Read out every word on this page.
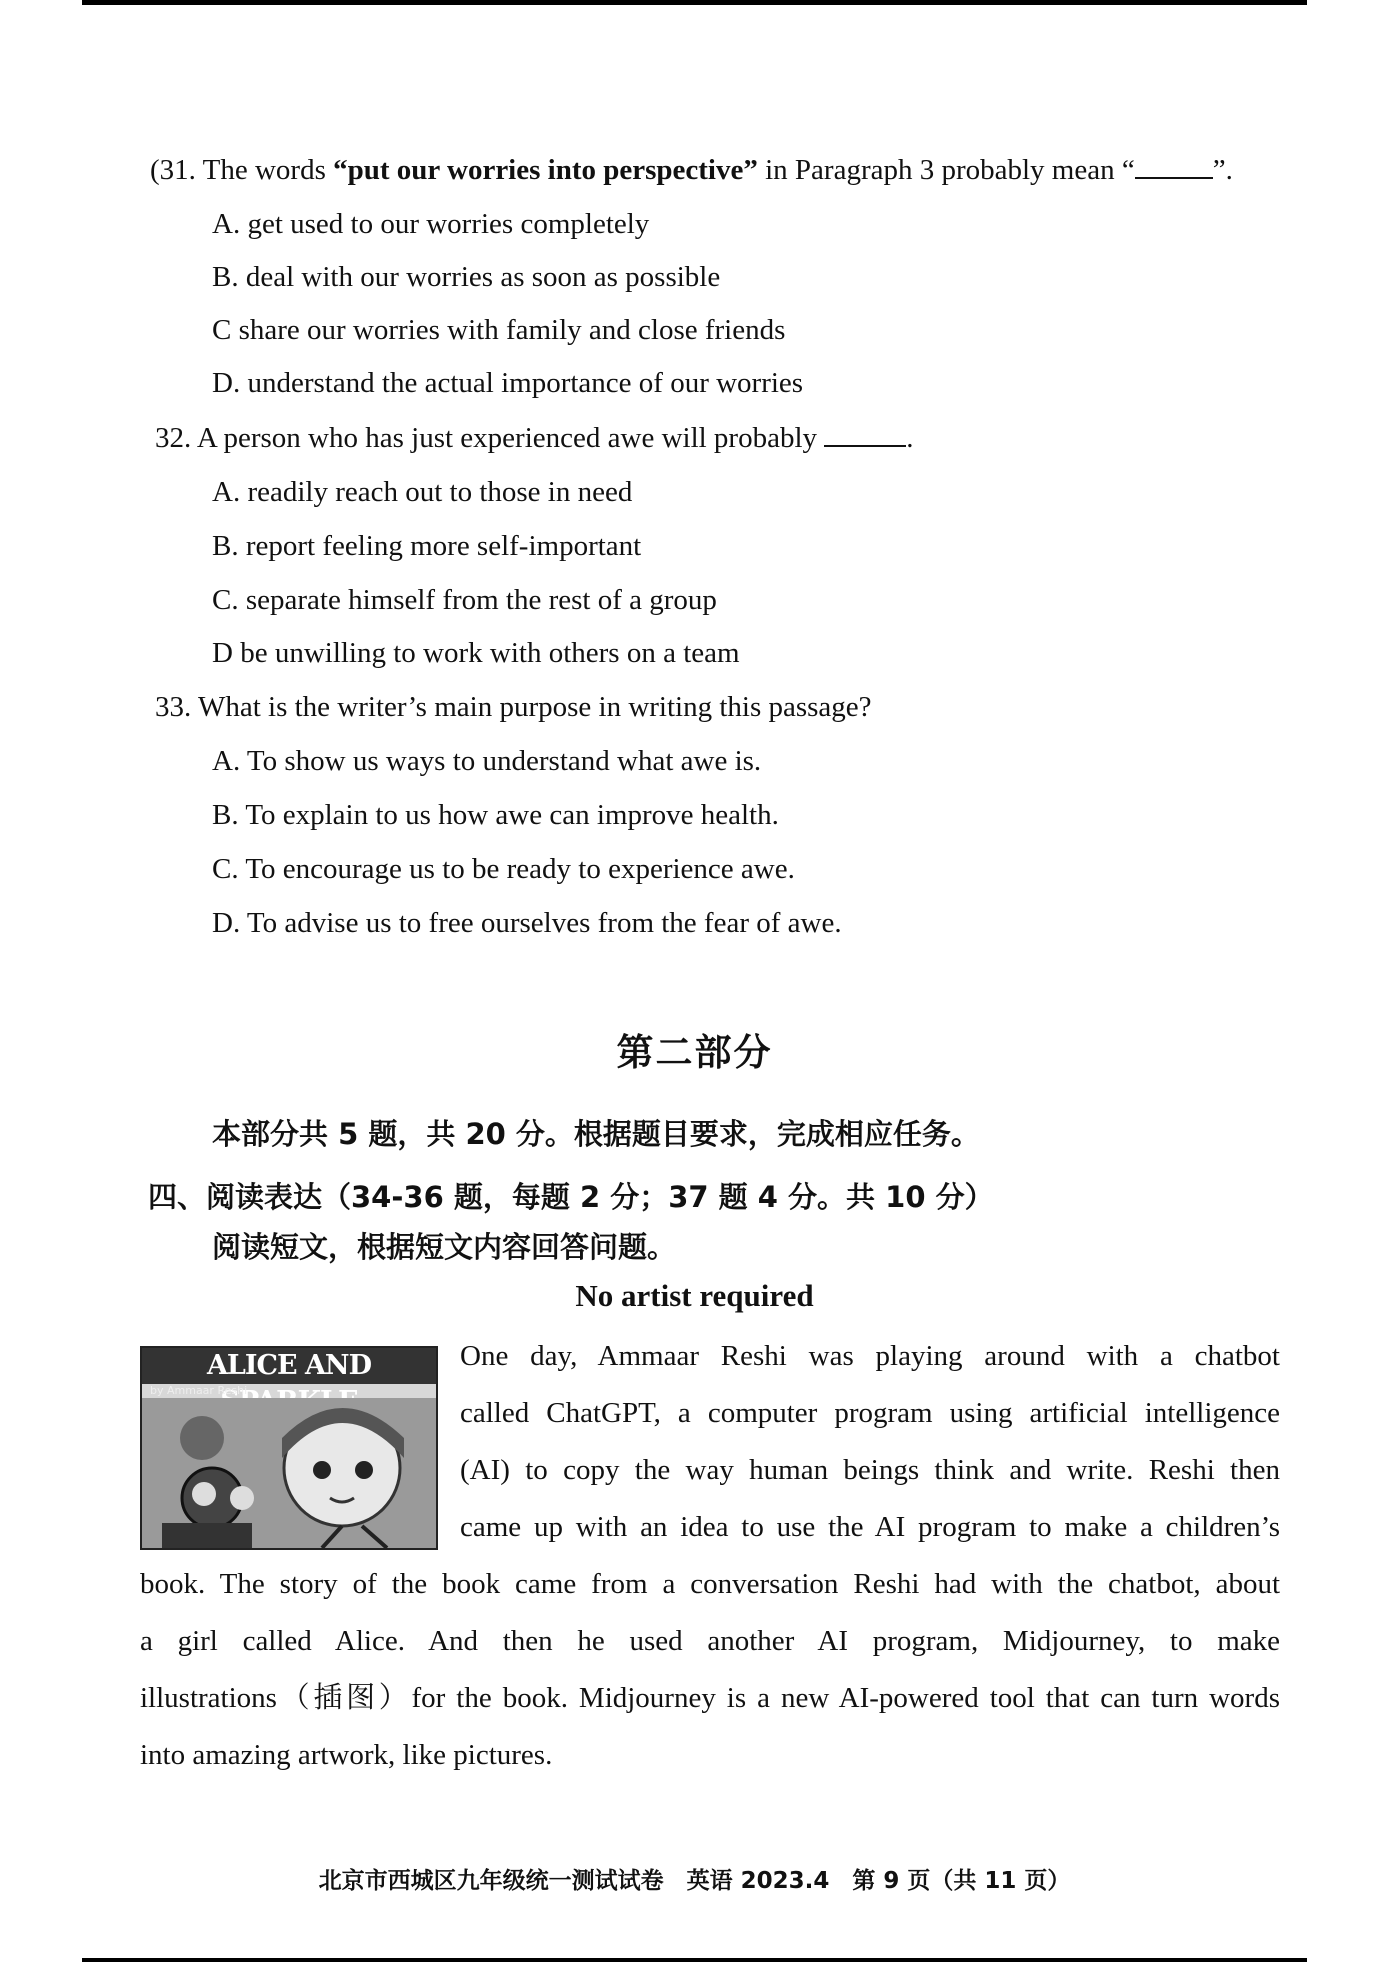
(31. The words “put our worries into perspective” in Paragraph 3 probably mean “	”.
A. get used to our worries completely
B. deal with our worries as soon as possible
C share our worries with family and close friends
D. understand the actual importance of our worries
32. A person who has just experienced awe will probably	.
A. readily reach out to those in need
B. report feeling more self-important
C. separate himself from the rest of a group
D be unwilling to work with others on a team
33. What is the writer’s main purpose in writing this passage?
A. To show us ways to understand what awe is.
B. To explain to us how awe can improve health.
C. To encourage us to be ready to experience awe.
D. To advise us to free ourselves from the fear of awe.
第二部分
本部分共 5 题，共 20 分。根据题目要求，完成相应任务。
四、阅读表达（34-36 题，每题 2 分；37 题 4 分。共 10 分）
阅读短文，根据短文内容回答问题。
No artist required
ALICE AND
by Ammaar Reshi
One day, Ammaar Reshi was playing around with a chatbot
called ChatGPT, a computer program using artificial intelligence
(AI) to copy the way human beings think and write. Reshi then
came up with an idea to use the AI program to make a children’s
book. The story of the book came from a conversation Reshi had with the chatbot, about
a girl called Alice. And then he used another AI program, Midjourney, to make
illustrations（插图）for the book. Midjourney is a new AI-powered tool that can turn words
into amazing artwork, like pictures.
北京市西城区九年级统一测试试卷　英语 2023.4　第 9 页（共 11 页）
